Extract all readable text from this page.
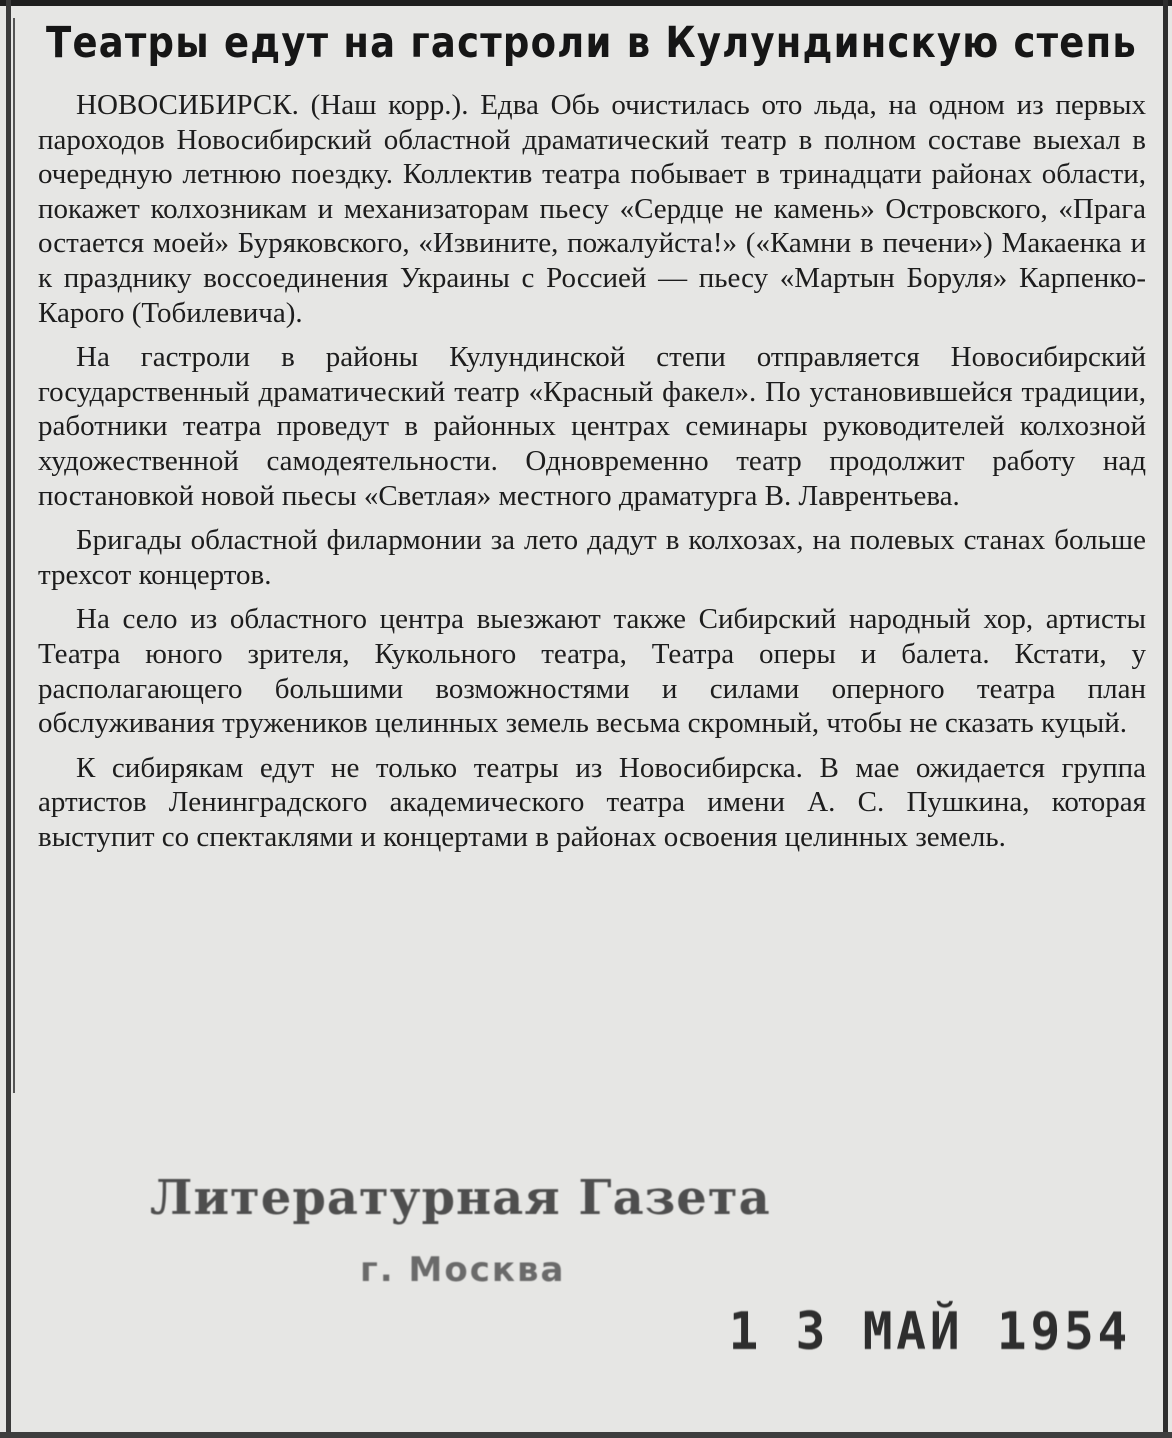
Театры едут на гастроли в Кулундинскую степь

НОВОСИБИРСК. (Наш корр.). Едва Обь очистилась ото льда, на одном из первых пароходов Новосибирский областной драматический театр в полном составе выехал в очередную летнюю поездку. Коллектив театра побывает в тринадцати районах области, покажет колхозникам и механизаторам пьесу «Сердце не камень» Островского, «Прага остается моей» Буряковского, «Извините, пожалуйста!» («Камни в печени») Макаенка и к празднику воссоединения Украины с Россией — пьесу «Мартын Боруля» Карпенко-Карого (Тобилевича).

На гастроли в районы Кулундинской степи отправляется Новосибирский государственный драматический театр «Красный факел». По установившейся традиции, работники театра проведут в районных центрах семинары руководителей колхозной художественной самодеятельности. Одновременно театр продолжит работу над постановкой новой пьесы «Светлая» местного драматурга В. Лаврентьева.

Бригады областной филармонии за лето дадут в колхозах, на полевых станах больше трехсот концертов.

На село из областного центра выезжают также Сибирский народный хор, артисты Театра юного зрителя, Кукольного театра, Театра оперы и балета. Кстати, у располагающего большими возможностями и силами оперного театра план обслуживания тружеников целинных земель весьма скромный, чтобы не сказать куцый.

К сибирякам едут не только театры из Новосибирска. В мае ожидается группа артистов Ленинградского академического театра имени А. С. Пушкина, которая выступит со спектаклями и концертами в районах освоения целинных земель.

Литературная Газета
г. Москва
1 3 МАЙ 1954
